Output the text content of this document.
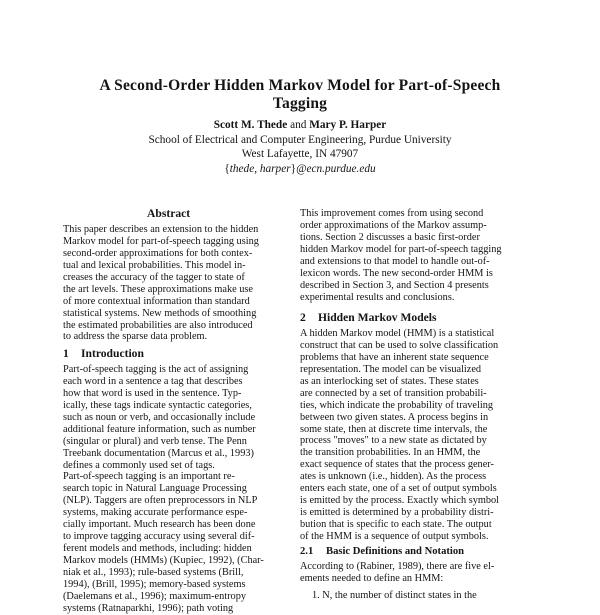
A Second-Order Hidden Markov Model for Part-of-Speech
Tagging
Scott M. Thede and Mary P. Harper
School of Electrical and Computer Engineering, Purdue University
West Lafayette, IN 47907
{thede, harper}@ecn.purdue.edu
Abstract
This paper describes an extension to the hidden
Markov model for part-of-speech tagging using
second-order approximations for both contex-
tual and lexical probabilities. This model in-
creases the accuracy of the tagger to state of
the art levels. These approximations make use
of more contextual information than standard
statistical systems. New methods of smoothing
the estimated probabilities are also introduced
to address the sparse data problem.
1 Introduction
Part-of-speech tagging is the act of assigning
each word in a sentence a tag that describes
how that word is used in the sentence. Typ-
ically, these tags indicate syntactic categories,
such as noun or verb, and occasionally include
additional feature information, such as number
(singular or plural) and verb tense. The Penn
Treebank documentation (Marcus et al., 1993)
defines a commonly used set of tags.
Part-of-speech tagging is an important re-
search topic in Natural Language Processing
(NLP). Taggers are often preprocessors in NLP
systems, making accurate performance espe-
cially important. Much research has been done
to improve tagging accuracy using several dif-
ferent models and methods, including: hidden
Markov models (HMMs) (Kupiec, 1992), (Char-
niak et al., 1993); rule-based systems (Brill,
1994), (Brill, 1995); memory-based systems
(Daelemans et al., 1996); maximum-entropy
systems (Ratnaparkhi, 1996); path voting
This improvement comes from using second
order approximations of the Markov assump-
tions. Section 2 discusses a basic first-order
hidden Markov model for part-of-speech tagging
and extensions to that model to handle out-of-
lexicon words. The new second-order HMM is
described in Section 3, and Section 4 presents
experimental results and conclusions.
2 Hidden Markov Models
A hidden Markov model (HMM) is a statistical
construct that can be used to solve classification
problems that have an inherent state sequence
representation. The model can be visualized
as an interlocking set of states. These states
are connected by a set of transition probabili-
ties, which indicate the probability of traveling
between two given states. A process begins in
some state, then at discrete time intervals, the
process "moves" to a new state as dictated by
the transition probabilities. In an HMM, the
exact sequence of states that the process gener-
ates is unknown (i.e., hidden). As the process
enters each state, one of a set of output symbols
is emitted by the process. Exactly which symbol
is emitted is determined by a probability distri-
bution that is specific to each state. The output
of the HMM is a sequence of output symbols.
2.1 Basic Definitions and Notation
According to (Rabiner, 1989), there are five el-
ements needed to define an HMM:
1. N, the number of distinct states in the
